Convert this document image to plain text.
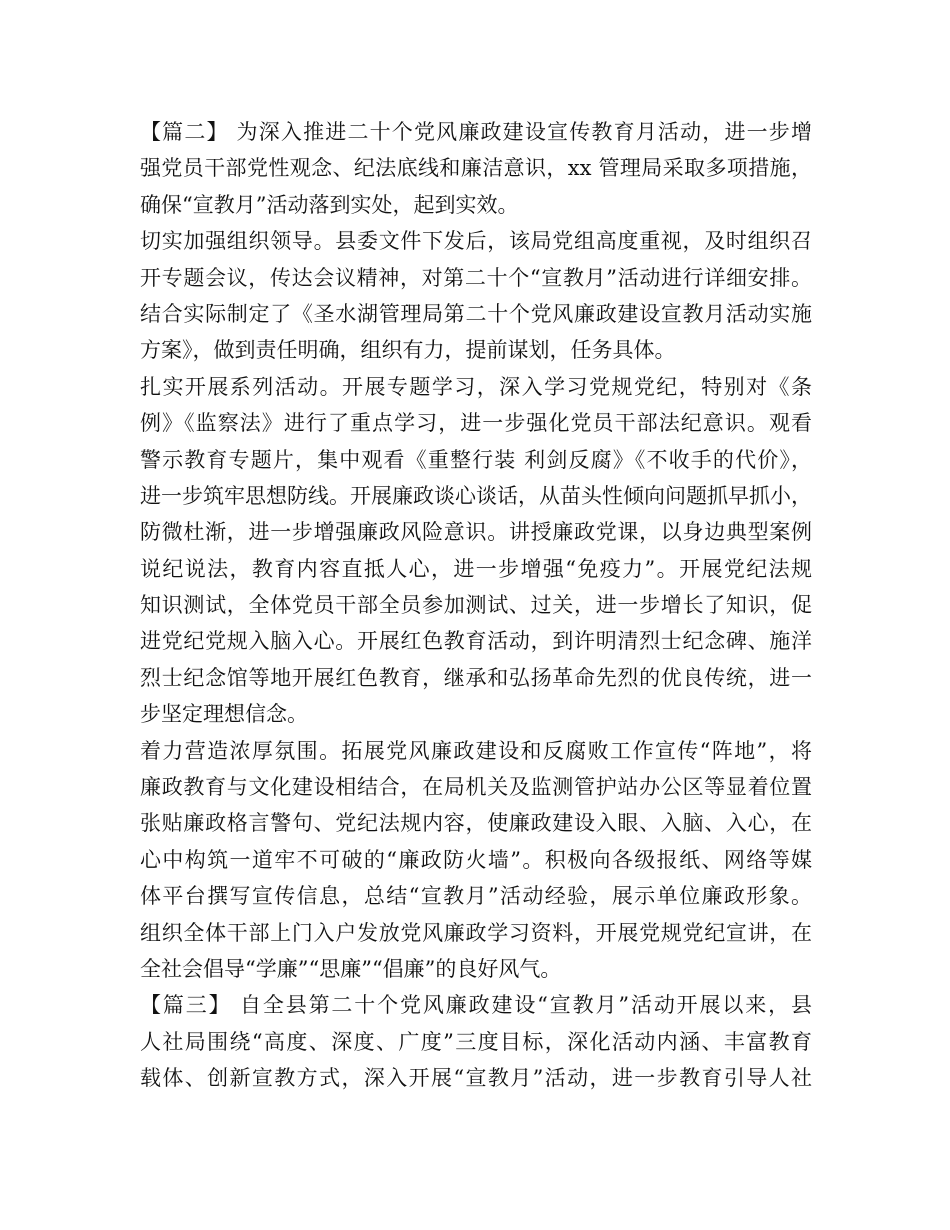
【篇二】 为深入推进二十个党风廉政建设宣传教育月活动，进一步增
强党员干部党性观念、纪法底线和廉洁意识，xx 管理局采取多项措施，
确保“宣教月”活动落到实处，起到实效。
切实加强组织领导。县委文件下发后，该局党组高度重视，及时组织召
开专题会议，传达会议精神，对第二十个“宣教月”活动进行详细安排。
结合实际制定了《圣水湖管理局第二十个党风廉政建设宣教月活动实施
方案》，做到责任明确，组织有力，提前谋划，任务具体。
扎实开展系列活动。开展专题学习，深入学习党规党纪，特别对《条
例》《监察法》进行了重点学习，进一步强化党员干部法纪意识。观看
警示教育专题片，集中观看《重整行装 利剑反腐》《不收手的代价》，
进一步筑牢思想防线。开展廉政谈心谈话，从苗头性倾向问题抓早抓小，
防微杜渐，进一步增强廉政风险意识。讲授廉政党课，以身边典型案例
说纪说法，教育内容直抵人心，进一步增强“免疫力”。开展党纪法规
知识测试，全体党员干部全员参加测试、过关，进一步增长了知识，促
进党纪党规入脑入心。开展红色教育活动，到许明清烈士纪念碑、施洋
烈士纪念馆等地开展红色教育，继承和弘扬革命先烈的优良传统，进一
步坚定理想信念。
着力营造浓厚氛围。拓展党风廉政建设和反腐败工作宣传“阵地”，将
廉政教育与文化建设相结合，在局机关及监测管护站办公区等显着位置
张贴廉政格言警句、党纪法规内容，使廉政建设入眼、入脑、入心，在
心中构筑一道牢不可破的“廉政防火墙”。积极向各级报纸、网络等媒
体平台撰写宣传信息，总结“宣教月”活动经验，展示单位廉政形象。
组织全体干部上门入户发放党风廉政学习资料，开展党规党纪宣讲，在
全社会倡导“学廉”“思廉”“倡廉”的良好风气。
【篇三】 自全县第二十个党风廉政建设“宣教月”活动开展以来，县
人社局围绕“高度、深度、广度”三度目标，深化活动内涵、丰富教育
载体、创新宣教方式，深入开展“宣教月”活动，进一步教育引导人社
